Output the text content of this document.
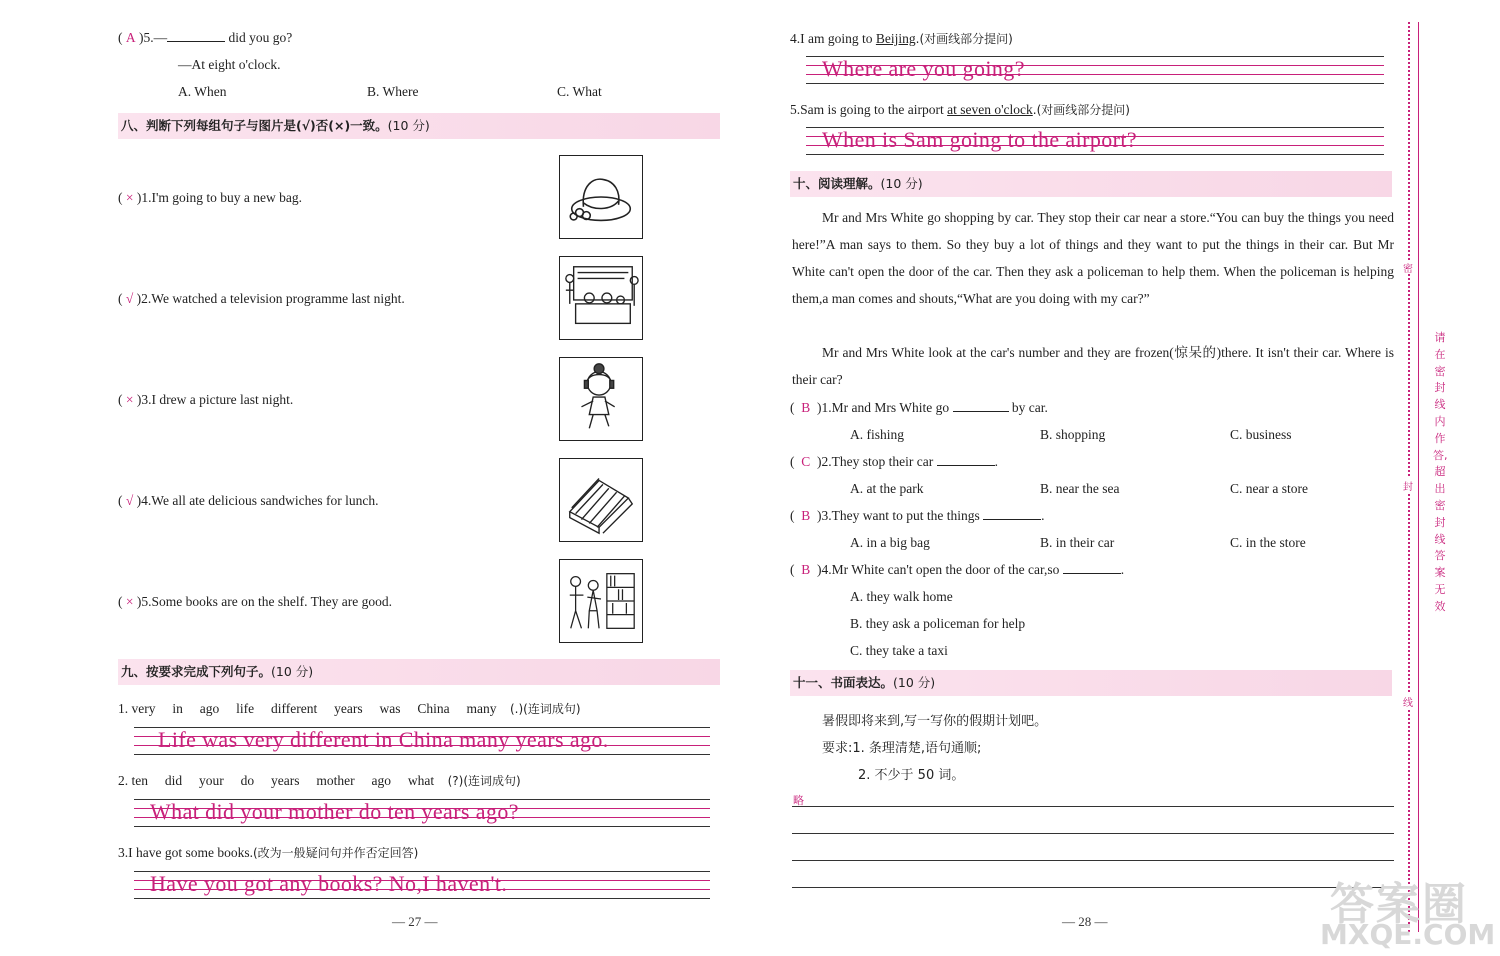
( A )5.—	did you go?
—At eight o'clock.
A. When	B. Where	C. What
八、判断下列每组句子与图片是(√)否(×)一致。(10 分)
( × )1.I'm going to buy a new bag.
( √ )2.We watched a television programme last night.
( × )3.I drew a picture last night.
( √ )4.We all ate delicious sandwiches for lunch.
( × )5.Some books are on the shelf. They are good.
九、按要求完成下列句子。(10 分)
1. very in ago life different years was China many (.)(连词成句)
Life was very different in China many years ago.
2. ten did your do years mother ago what (?)(连词成句)
What did your mother do ten years ago?
3.I have got some books.(改为一般疑问句并作否定回答)
Have you got any books? No,I haven't.
— 27 —
4.I am going to Beijing.(对画线部分提问)
Where are you going?
5.Sam is going to the airport at seven o'clock.(对画线部分提问)
When is Sam going to the airport?
十、阅读理解。(10 分)
Mr and Mrs White go shopping by car. They stop their car near a store.“You can buy the things you need here!”A man says to them. So they buy a lot of things and they want to put the things in their car. But Mr White can't open the door of the car. Then they ask a policeman to help them. When the policeman is helping them,a man comes and shouts,“What are you doing with my car?”
Mr and Mrs White look at the car's number and they are frozen(惊呆的)there. It isn't their car. Where is their car?
(  B  )1.Mr and Mrs White go	by car.
A. fishing	B. shopping	C. business
(  C  )2.They stop their car	.
A. at the park	B. near the sea	C. near a store
(  B  )3.They want to put the things	.
A. in a big bag	B. in their car	C. in the store
(  B  )4.Mr White can't open the door of the car,so	.
A. they walk home
B. they ask a policeman for help
C. they take a taxi
十一、书面表达。(10 分)
暑假即将来到,写一写你的假期计划吧。
要求:1. 条理清楚,语句通顺;
2. 不少于 50 词。
略
— 28 —
密
封
线
请在密封线内作答,超出密封线答案无效
答案圈
MXQE.COM
